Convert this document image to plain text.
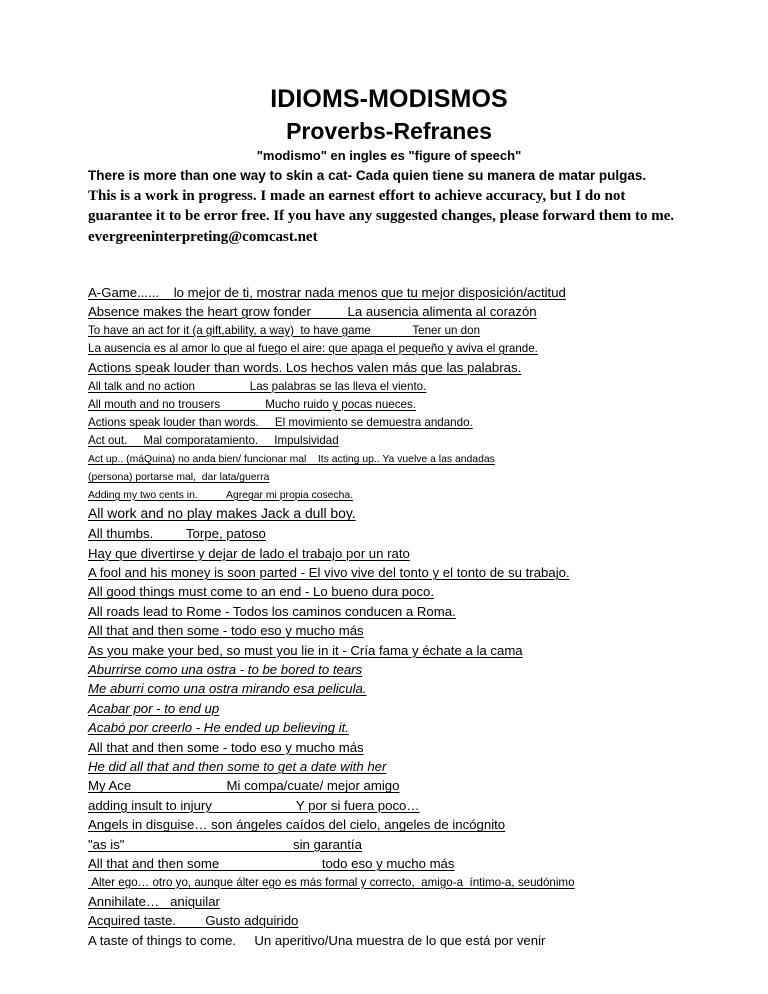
IDIOMS-MODISMOS
Proverbs-Refranes

"modismo" en ingles es "figure of speech"

There is more than one way to skin a cat- Cada quien tiene su manera de matar pulgas.

This is a work in progress. I made an earnest effort to achieve accuracy, but I do not guarantee it to be error free. If you have any suggested changes, please forward them to me. evergreeninterpreting@comcast.net

A-Game......    lo mejor de ti, mostrar nada menos que tu mejor disposición/actitud
Absence makes the heart grow fonder          La ausencia alimenta al corazón
To have an act for it (a gift,ability, a way)  to have game             Tener un don
La ausencia es al amor lo que al fuego el aire: que apaga el pequeño y aviva el grande.
Actions speak louder than words. Los hechos valen más que las palabras.
All talk and no action                 Las palabras se las lleva el viento.
All mouth and no trousers              Mucho ruido y pocas nueces.
Actions speak louder than words.     El movimiento se demuestra andando.
Act out.     Mal comporatamiento.     Impulsividad
Act up.. (máQuina) no anda bien/ funcionar mal    Its acting up.. Ya vuelve a las andadas
(persona) portarse mal,  dar lata/guerra
Adding my two cents in.          Agregar mi propia cosecha.
All work and no play makes Jack a dull boy.
All thumbs.         Torpe, patoso
Hay que divertirse y dejar de lado el trabajo por un rato
A fool and his money is soon parted - El vivo vive del tonto y el tonto de su trabajo.
All good things must come to an end - Lo bueno dura poco.
All roads lead to Rome - Todos los caminos conducen a Roma.
All that and then some - todo eso y mucho más
As you make your bed, so must you lie in it - Cría fama y échate a la cama
Aburrirse como una ostra - to be bored to tears
Me aburri como una ostra mirando esa pelicula.
Acabar por - to end up
Acabó por creerlo - He ended up believing it.
All that and then some - todo eso y mucho más
He did all that and then some to get a date with her
My Ace                          Mi compa/cuate/ mejor amigo
adding insult to injury                       Y por si fuera poco…
Angels in disguise… son ángeles caídos del cielo, angeles de incógnito
"as is"                                              sin garantía
All that and then some                            todo eso y mucho más
Alter ego… otro yo, aunque álter ego es más formal y correcto,  amigo-a  íntimo-a, seudónimo
Annihilate…   aniquilar
Acquired taste.        Gusto adquirido
A taste of things to come.     Un aperitivo/Una muestra de lo que está por venir
